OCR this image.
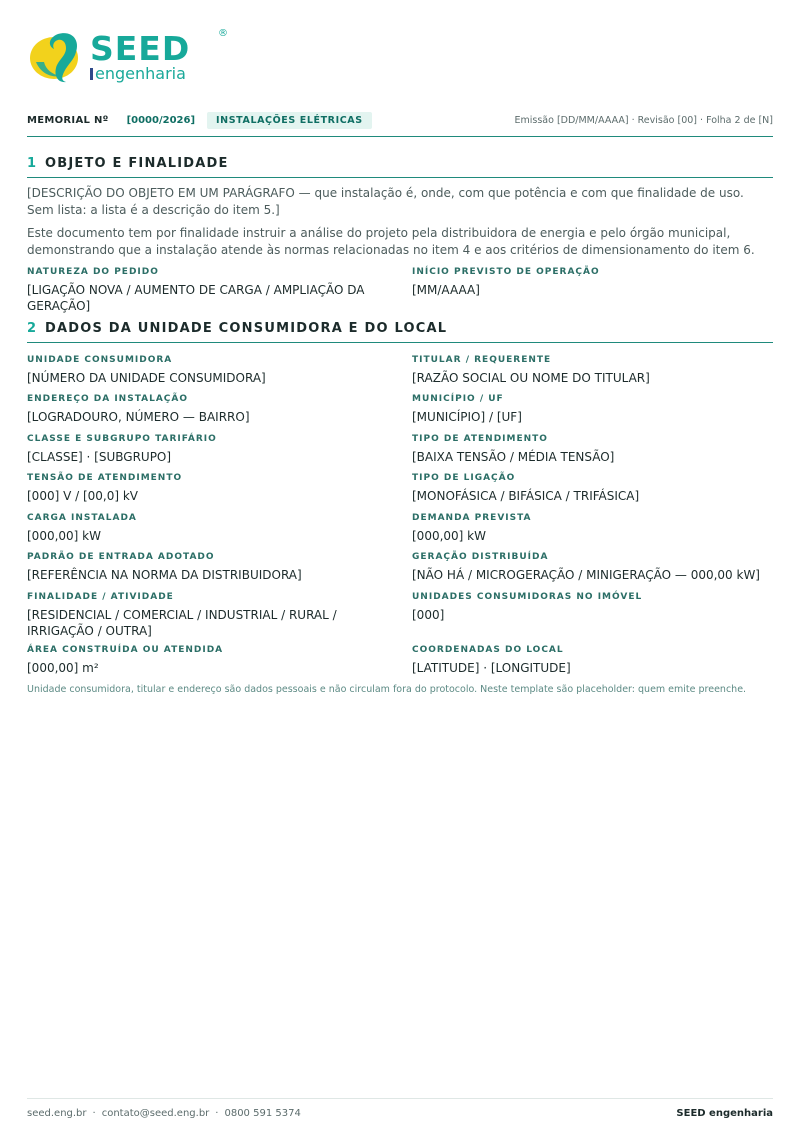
SEED	®
engenharia
MEMORIAL Nº [0000/2026]	INSTALAÇÕES ELÉTRICAS	Emissão [DD/MM/AAAA] · Revisão [00] · Folha 2 de [N]
1 OBJETO E FINALIDADE

[DESCRIÇÃO DO OBJETO EM UM PARÁGRAFO — que instalação é, onde, com que potência e com que finalidade de uso. Sem lista: a lista é a descrição do item 5.]

Este documento tem por finalidade instruir a análise do projeto pela distribuidora de energia e pelo órgão municipal, demonstrando que a instalação atende às normas relacionadas no item 4 e aos critérios de dimensionamento do item 6.

NATUREZA DO PEDIDO
[LIGAÇÃO NOVA / AUMENTO DE CARGA / AMPLIAÇÃO DA GERAÇÃO]
INÍCIO PREVISTO DE OPERAÇÃO
[MM/AAAA]
2 DADOS DA UNIDADE CONSUMIDORA E DO LOCAL
UNIDADE CONSUMIDORA
[NÚMERO DA UNIDADE CONSUMIDORA]
TITULAR / REQUERENTE
[RAZÃO SOCIAL OU NOME DO TITULAR]
ENDEREÇO DA INSTALAÇÃO
[LOGRADOURO, NÚMERO — BAIRRO]
MUNICÍPIO / UF
[MUNICÍPIO] / [UF]
CLASSE E SUBGRUPO TARIFÁRIO
[CLASSE] · [SUBGRUPO]
TIPO DE ATENDIMENTO
[BAIXA TENSÃO / MÉDIA TENSÃO]
TENSÃO DE ATENDIMENTO
[000] V / [00,0] kV
TIPO DE LIGAÇÃO
[MONOFÁSICA / BIFÁSICA / TRIFÁSICA]
CARGA INSTALADA
[000,00] kW
DEMANDA PREVISTA
[000,00] kW
PADRÃO DE ENTRADA ADOTADO
[REFERÊNCIA NA NORMA DA DISTRIBUIDORA]
GERAÇÃO DISTRIBUÍDA
[NÃO HÁ / MICROGERAÇÃO / MINIGERAÇÃO — 000,00 kW]
FINALIDADE / ATIVIDADE
[RESIDENCIAL / COMERCIAL / INDUSTRIAL / RURAL / IRRIGAÇÃO / OUTRA]
UNIDADES CONSUMIDORAS NO IMÓVEL
[000]
ÁREA CONSTRUÍDA OU ATENDIDA
[000,00] m²
COORDENADAS DO LOCAL
[LATITUDE] · [LONGITUDE]
Unidade consumidora, titular e endereço são dados pessoais e não circulam fora do protocolo. Neste template são placeholder: quem emite preenche.
seed.eng.br · contato@seed.eng.br · 0800 591 5374	SEED engenharia
